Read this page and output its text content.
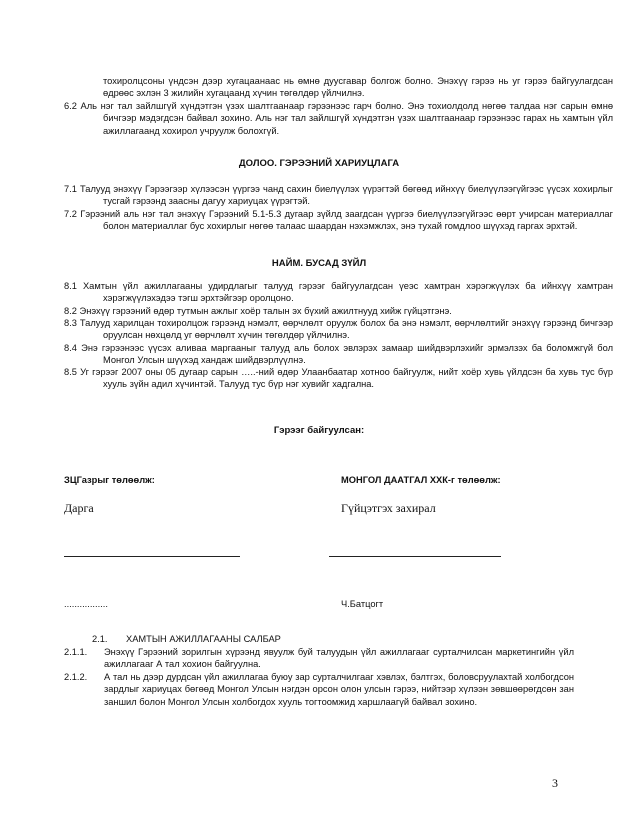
тохиролцсоны үндсэн дээр хугацаанаас нь өмнө дуусгавар болгож болно. Энэхүү гэрээ нь уг гэрээ байгуулагдсан өдрөөс эхлэн 3 жилийн хугацаанд хүчин төгөлдөр үйлчилнэ.
6.2 Аль нэг тал зайлшгүй хүндэтгэн үзэх шалтгаанаар гэрээнээс гарч болно. Энэ тохиолдолд нөгөө талдаа нэг сарын өмнө бичгээр мэдэгдсэн байвал зохино. Аль нэг тал зайлшгүй хүндэтгэн үзэх шалтгаанаар гэрээнээс гарах нь хамтын үйл ажиллагаанд хохирол учруулж болохгүй.
ДОЛОО. ГЭРЭЭНИЙ ХАРИУЦЛАГА
7.1 Талууд энэхүү Гэрээгээр хүлээсэн үүргээ чанд сахин биелүүлэх үүрэгтэй бөгөөд ийнхүү биелүүлээгүйгээс үүсэх хохирлыг тусгай гэрээнд заасны дагуу хариуцах үүрэгтэй.
7.2 Гэрээний аль нэг тал энэхүү Гэрээний 5.1-5.3 дугаар зүйлд заагдсан үүргээ биелүүлээгүйгээс өөрт учирсан материаллаг болон материаллаг бус хохирлыг нөгөө талаас шаардан нэхэмжлэх, энэ тухай гомдлоо шүүхэд гаргах эрхтэй.
НАЙМ. БУСАД ЗҮЙЛ
8.1 Хамтын үйл ажиллагааны удирдлагыг талууд гэрээг байгуулагдсан үеэс хамтран хэрэгжүүлэх ба ийнхүү хамтран хэрэгжүүлэхэдээ тэгш эрхтэйгээр оролцоно.
8.2 Энэхүү гэрээний өдөр тутмын ажлыг хоёр талын эх бүхий ажилтнууд хийж гүйцэтгэнэ.
8.3 Талууд харилцан тохиролцож гэрээнд нэмэлт, өөрчлөлт оруулж болох ба энэ нэмэлт, өөрчлөлтийг энэхүү гэрээнд бичгээр оруулсан нөхцөлд уг өөрчлөлт хүчин төгөлдөр үйлчилнэ.
8.4 Энэ гэрээнээс үүсэх аливаа маргааныг талууд аль болох эвлэрэх замаар шийдвэрлэхийг эрмэлзэх ба боломжгүй бол Монгол Улсын шүүхэд хандаж шийдвэрлүүлнэ.
8.5 Уг гэрээг 2007 оны 05 дугаар сарын …..-ний өдөр Улаанбаатар хотноо байгуулж, нийт хоёр хувь үйлдсэн ба хувь тус бүр хууль зүйн адил хүчинтэй. Талууд тус бүр нэг хувийг хадгална.
Гэрээг байгуулсан:
ЗЦГазрыг төлөөлж:	МОНГОЛ ДААТГАЛ ХХК-г төлөөлж:
Дарга	Гүйцэтгэх захирал
.................	Ч.Батцогт
2.1. ХАМТЫН АЖИЛЛАГААНЫ САЛБАР
2.1.1.	Энэхүү Гэрээний зорилгын хүрээнд явуулж буй талуудын үйл ажиллагааг сурталчилсан маркетингийн үйл ажиллагааг А тал хохион байгуулна.
2.1.2.	А тал нь дээр дурдсан үйл ажиллагаа буюу зар сурталчилгааг хэвлэх, бэлтгэх, боловсруулахтай холбогдсон зардлыг хариуцах бөгөөд Монгол Улсын нэгдэн орсон олон улсын гэрээ, нийтээр хүлээн зөвшөөрөгдсөн зан заншил болон Монгол Улсын холбогдох хууль тогтоомжид харшлаагүй байвал зохино.
3
